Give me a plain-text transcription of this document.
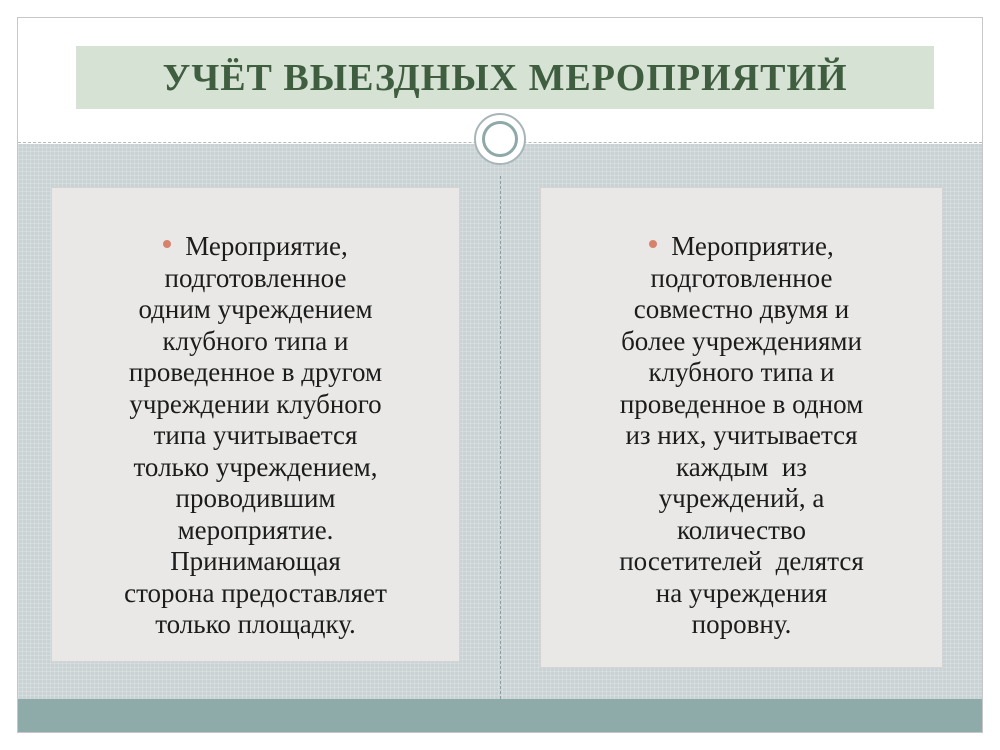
УЧЁТ ВЫЕЗДНЫХ МЕРОПРИЯТИЙ
Мероприятие,
подготовленное
одним учреждением
клубного типа и
проведенное в другом
учреждении клубного
типа учитывается
только учреждением,
проводившим
мероприятие.
Принимающая
сторона предоставляет
только площадку.
Мероприятие,
подготовленное
совместно двумя и
более учреждениями
клубного типа и
проведенное в одном
из них, учитывается
каждым  из
учреждений, а
количество
посетителей  делятся
на учреждения
поровну.
